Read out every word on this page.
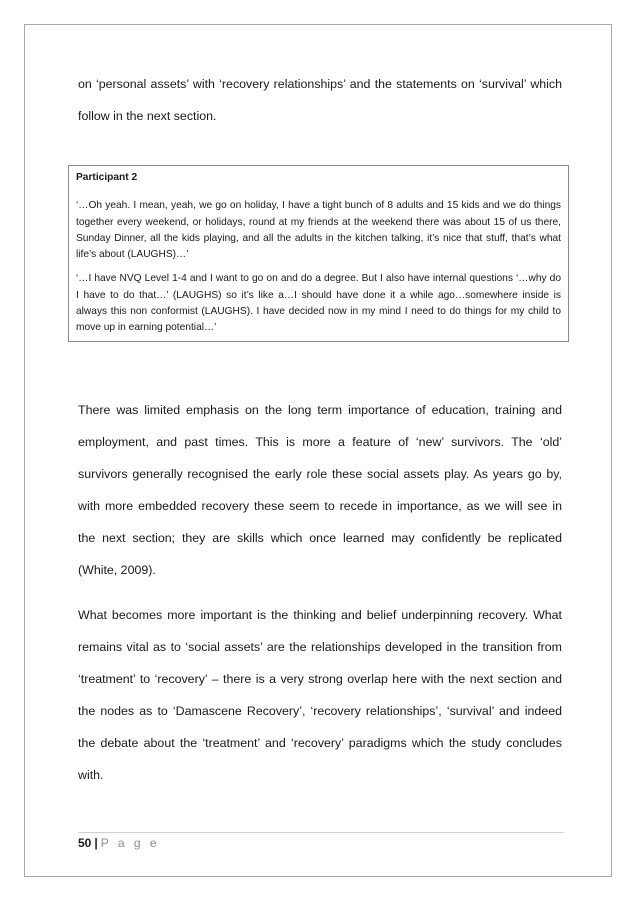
on ‘personal assets’ with ‘recovery relationships’ and the statements on ‘survival’ which follow in the next section.

Participant 2

‘…Oh yeah. I mean, yeah, we go on holiday, I have a tight bunch of 8 adults and 15 kids and we do things together every weekend, or holidays, round at my friends at the weekend there was about 15 of us there, Sunday Dinner, all the kids playing, and all the adults in the kitchen talking, it’s nice that stuff, that’s what life’s about (LAUGHS)…’

‘…I have NVQ Level 1-4 and I want to go on and do a degree. But I also have internal questions ‘…why do I have to do that…’ (LAUGHS) so it’s like a…I should have done it a while ago…somewhere inside is always this non conformist (LAUGHS). I have decided now in my mind I need to do things for my child to move up in earning potential…’

There was limited emphasis on the long term importance of education, training and employment, and past times. This is more a feature of ‘new’ survivors. The ‘old’ survivors generally recognised the early role these social assets play. As years go by, with more embedded recovery these seem to recede in importance, as we will see in the next section; they are skills which once learned may confidently be replicated (White, 2009).

What becomes more important is the thinking and belief underpinning recovery. What remains vital as to ‘social assets’ are the relationships developed in the transition from ‘treatment’ to ‘recovery’ – there is a very strong overlap here with the next section and the nodes as to ‘Damascene Recovery’, ‘recovery relationships’, ‘survival’ and indeed the debate about the ‘treatment’ and ‘recovery’ paradigms which the study concludes with.

50 | P a g e
